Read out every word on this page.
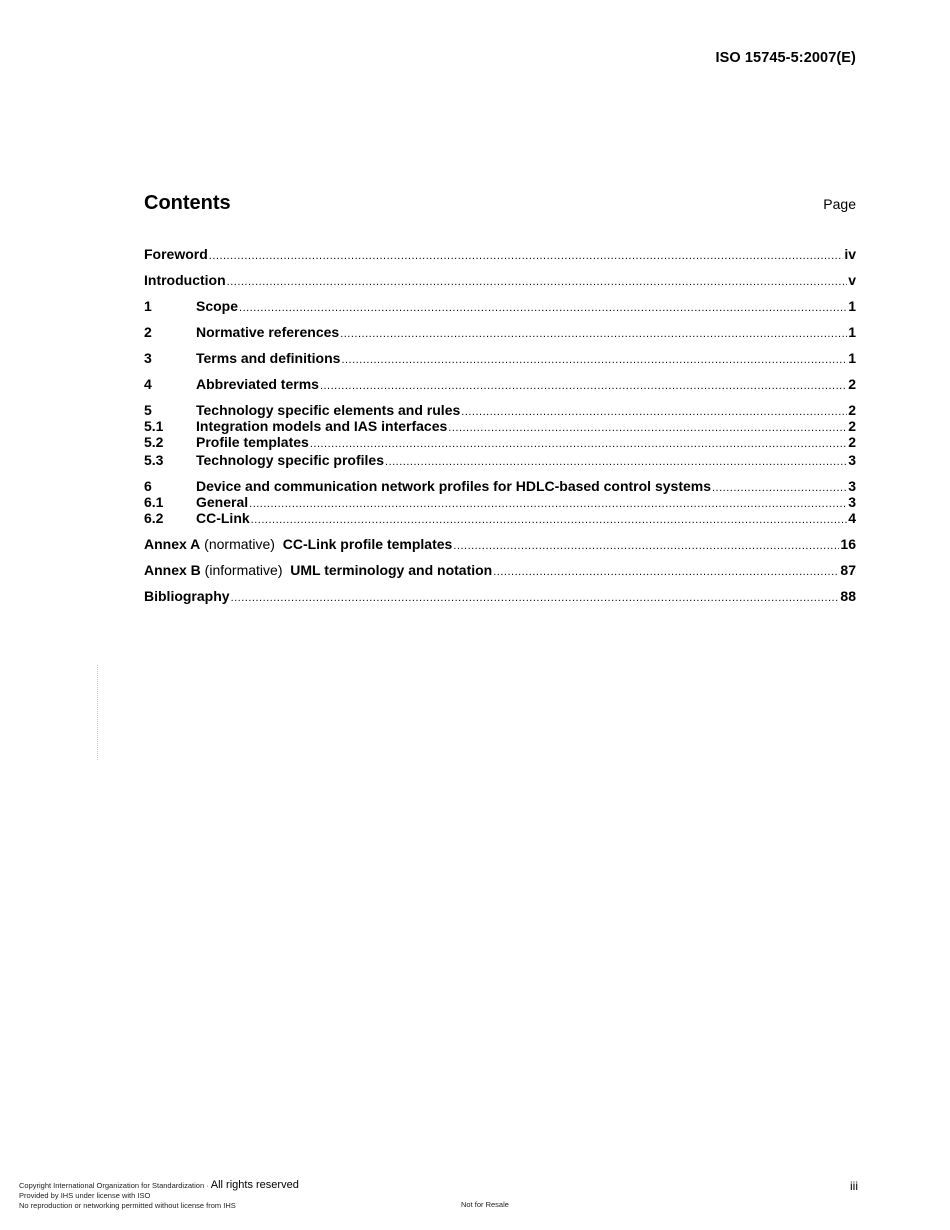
ISO 15745-5:2007(E)
Contents	Page
Foreword .....	iv
Introduction .....	v
1	Scope .....	1
2	Normative references .....	1
3	Terms and definitions .....	1
4	Abbreviated terms .....	2
5	Technology specific elements and rules .....	2
5.1	Integration models and IAS interfaces .....	2
5.2	Profile templates .....	2
5.3	Technology specific profiles .....	3
6	Device and communication network profiles for HDLC-based control systems .....	3
6.1	General .....	3
6.2	CC-Link .....	4
Annex A (normative)  CC-Link profile templates .....	16
Annex B (informative)  UML terminology and notation .....	87
Bibliography .....	88
Copyright International Organization for Standardization · All rights reserved
Provided by IHS under license with ISO
No reproduction or networking permitted without license from IHS	Not for Resale
iii
